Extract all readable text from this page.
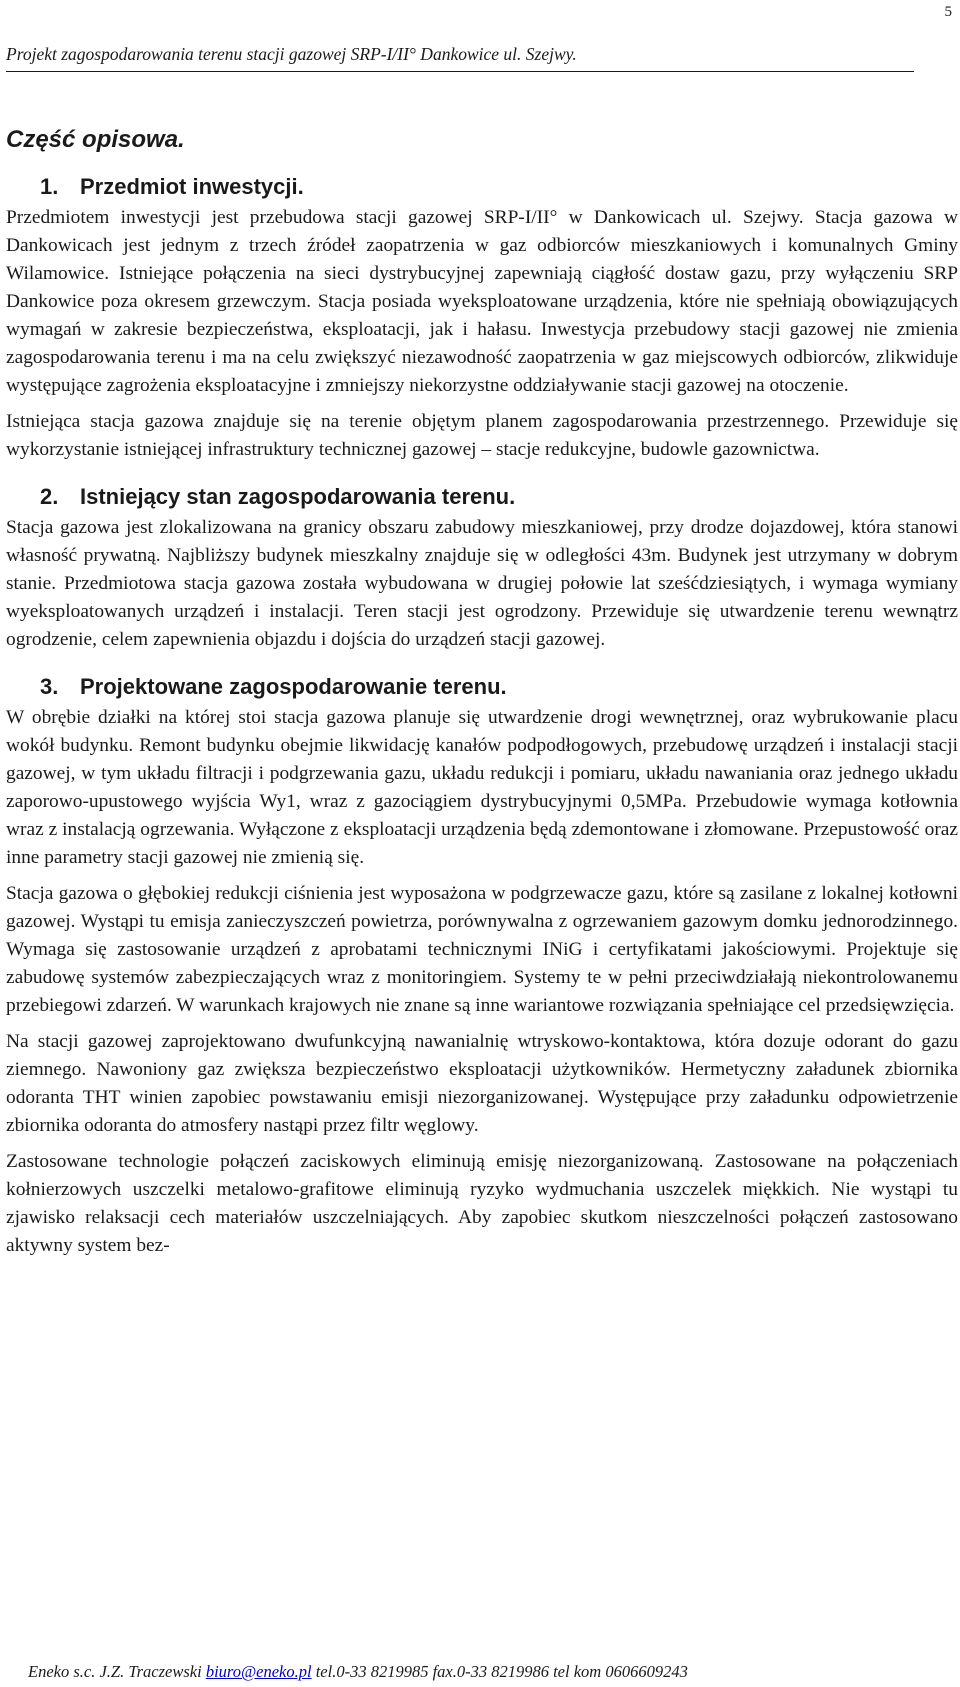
5
Projekt zagospodarowania terenu stacji gazowej SRP-I/II° Dankowice ul. Szejwy.
Część opisowa.
1. Przedmiot inwestycji.

Przedmiotem inwestycji jest przebudowa stacji gazowej SRP-I/II° w Dankowicach ul. Szejwy. Stacja gazowa w Dankowicach jest jednym z trzech źródeł zaopatrzenia w gaz odbiorców mieszkaniowych i komunalnych Gminy Wilamowice. Istniejące połączenia na sieci dystrybucyjnej zapewniają ciągłość dostaw gazu, przy wyłączeniu SRP Dankowice poza okresem grzewczym. Stacja posiada wyeksploatowane urządzenia, które nie spełniają obowiązujących wymagań w zakresie bezpieczeństwa, eksploatacji, jak i hałasu. Inwestycja przebudowy stacji gazowej nie zmienia zagospodarowania terenu i ma na celu zwiększyć niezawodność zaopatrzenia w gaz miejscowych odbiorców, zlikwiduje występujące zagrożenia eksploatacyjne i zmniejszy niekorzystne oddziaływanie stacji gazowej na otoczenie.

Istniejąca stacja gazowa znajduje się na terenie objętym planem zagospodarowania przestrzennego. Przewiduje się wykorzystanie istniejącej infrastruktury technicznej gazowej – stacje redukcyjne, budowle gazownictwa.

2. Istniejący stan zagospodarowania terenu.

Stacja gazowa jest zlokalizowana na granicy obszaru zabudowy mieszkaniowej, przy drodze dojazdowej, która stanowi własność prywatną. Najbliższy budynek mieszkalny znajduje się w odległości 43m. Budynek jest utrzymany w dobrym stanie. Przedmiotowa stacja gazowa została wybudowana w drugiej połowie lat sześćdziesiątych, i wymaga wymiany wyeksploatowanych urządzeń i instalacji. Teren stacji jest ogrodzony. Przewiduje się utwardzenie terenu wewnątrz ogrodzenie, celem zapewnienia objazdu i dojścia do urządzeń stacji gazowej.

3. Projektowane zagospodarowanie terenu.

W obrębie działki na której stoi stacja gazowa planuje się utwardzenie drogi wewnętrznej, oraz wybrukowanie placu wokół budynku. Remont budynku obejmie likwidację kanałów podpodłogowych, przebudowę urządzeń i instalacji stacji gazowej, w tym układu filtracji i podgrzewania gazu, układu redukcji i pomiaru, układu nawaniania oraz jednego układu zaporowo-upustowego wyjścia Wy1, wraz z gazociągiem dystrybucyjnymi 0,5MPa. Przebudowie wymaga kotłownia wraz z instalacją ogrzewania. Wyłączone z eksploatacji urządzenia będą zdemontowane i złomowane. Przepustowość oraz inne parametry stacji gazowej nie zmienią się.

Stacja gazowa o głębokiej redukcji ciśnienia jest wyposażona w podgrzewacze gazu, które są zasilane z lokalnej kotłowni gazowej. Wystąpi tu emisja zanieczyszczeń powietrza, porównywalna z ogrzewaniem gazowym domku jednorodzinnego. Wymaga się zastosowanie urządzeń z aprobatami technicznymi INiG i certyfikatami jakościowymi. Projektuje się zabudowę systemów zabezpieczających wraz z monitoringiem. Systemy te w pełni przeciwdziałają niekontrolowanemu przebiegowi zdarzeń. W warunkach krajowych nie znane są inne wariantowe rozwiązania spełniające cel przedsięwzięcia.

Na stacji gazowej zaprojektowano dwufunkcyjną nawanialnię wtryskowo-kontaktowa, która dozuje odorant do gazu ziemnego. Nawoniony gaz zwiększa bezpieczeństwo eksploatacji użytkowników. Hermetyczny załadunek zbiornika odoranta THT winien zapobiec powstawaniu emisji niezorganizowanej. Występujące przy załadunku odpowietrzenie zbiornika odoranta do atmosfery nastąpi przez filtr węglowy.

Zastosowane technologie połączeń zaciskowych eliminują emisję niezorganizowaną. Zastosowane na połączeniach kołnierzowych uszczelki metalowo-grafitowe eliminują ryzyko wydmuchania uszczelek miękkich. Nie wystąpi tu zjawisko relaksacji cech materiałów uszczelniających. Aby zapobiec skutkom nieszczelności połączeń zastosowano aktywny system bez-

Eneko s.c. J.Z. Traczewski biuro@eneko.pl tel.0-33 8219985 fax.0-33 8219986 tel kom 0606609243
